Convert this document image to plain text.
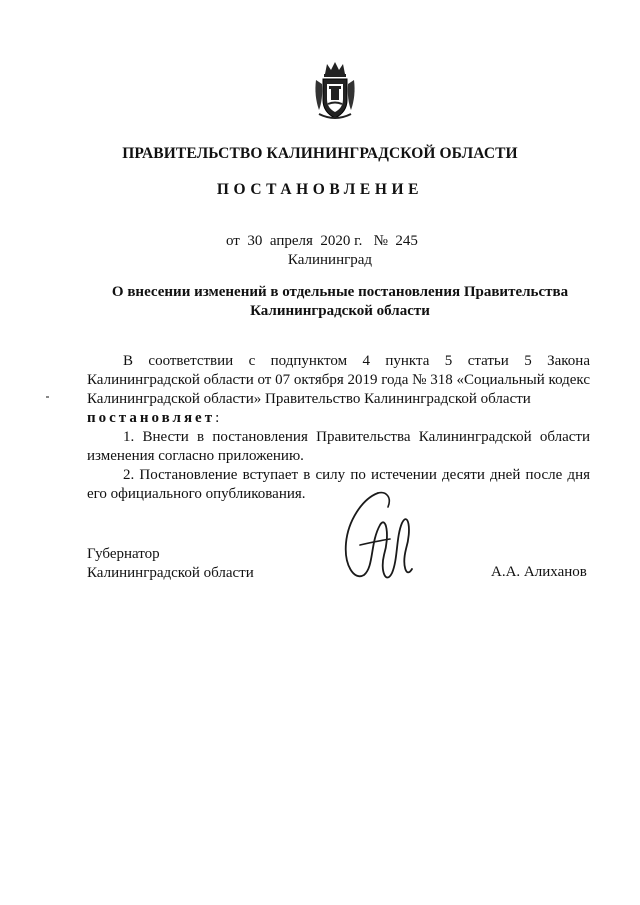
ПРАВИТЕЛЬСТВО КАЛИНИНГРАДСКОЙ ОБЛАСТИ
ПОСТАНОВЛЕНИЕ
от  30  апреля  2020 г.   №  245
Калининград
О внесении изменений в отдельные постановления Правительства
Калининградской области

В соответствии с подпунктом 4 пункта 5 статьи 5 Закона Калининградской области от 07 октября 2019 года № 318 «Социальный кодекс Калининградской области» Правительство Калининградской области

постановляет:

1. Внести в постановления Правительства Калининградской области изменения согласно приложению.

2. Постановление вступает в силу по истечении десяти дней после дня его официального опубликования.

Губернатор
Калининградской области	А.А. Алиханов
